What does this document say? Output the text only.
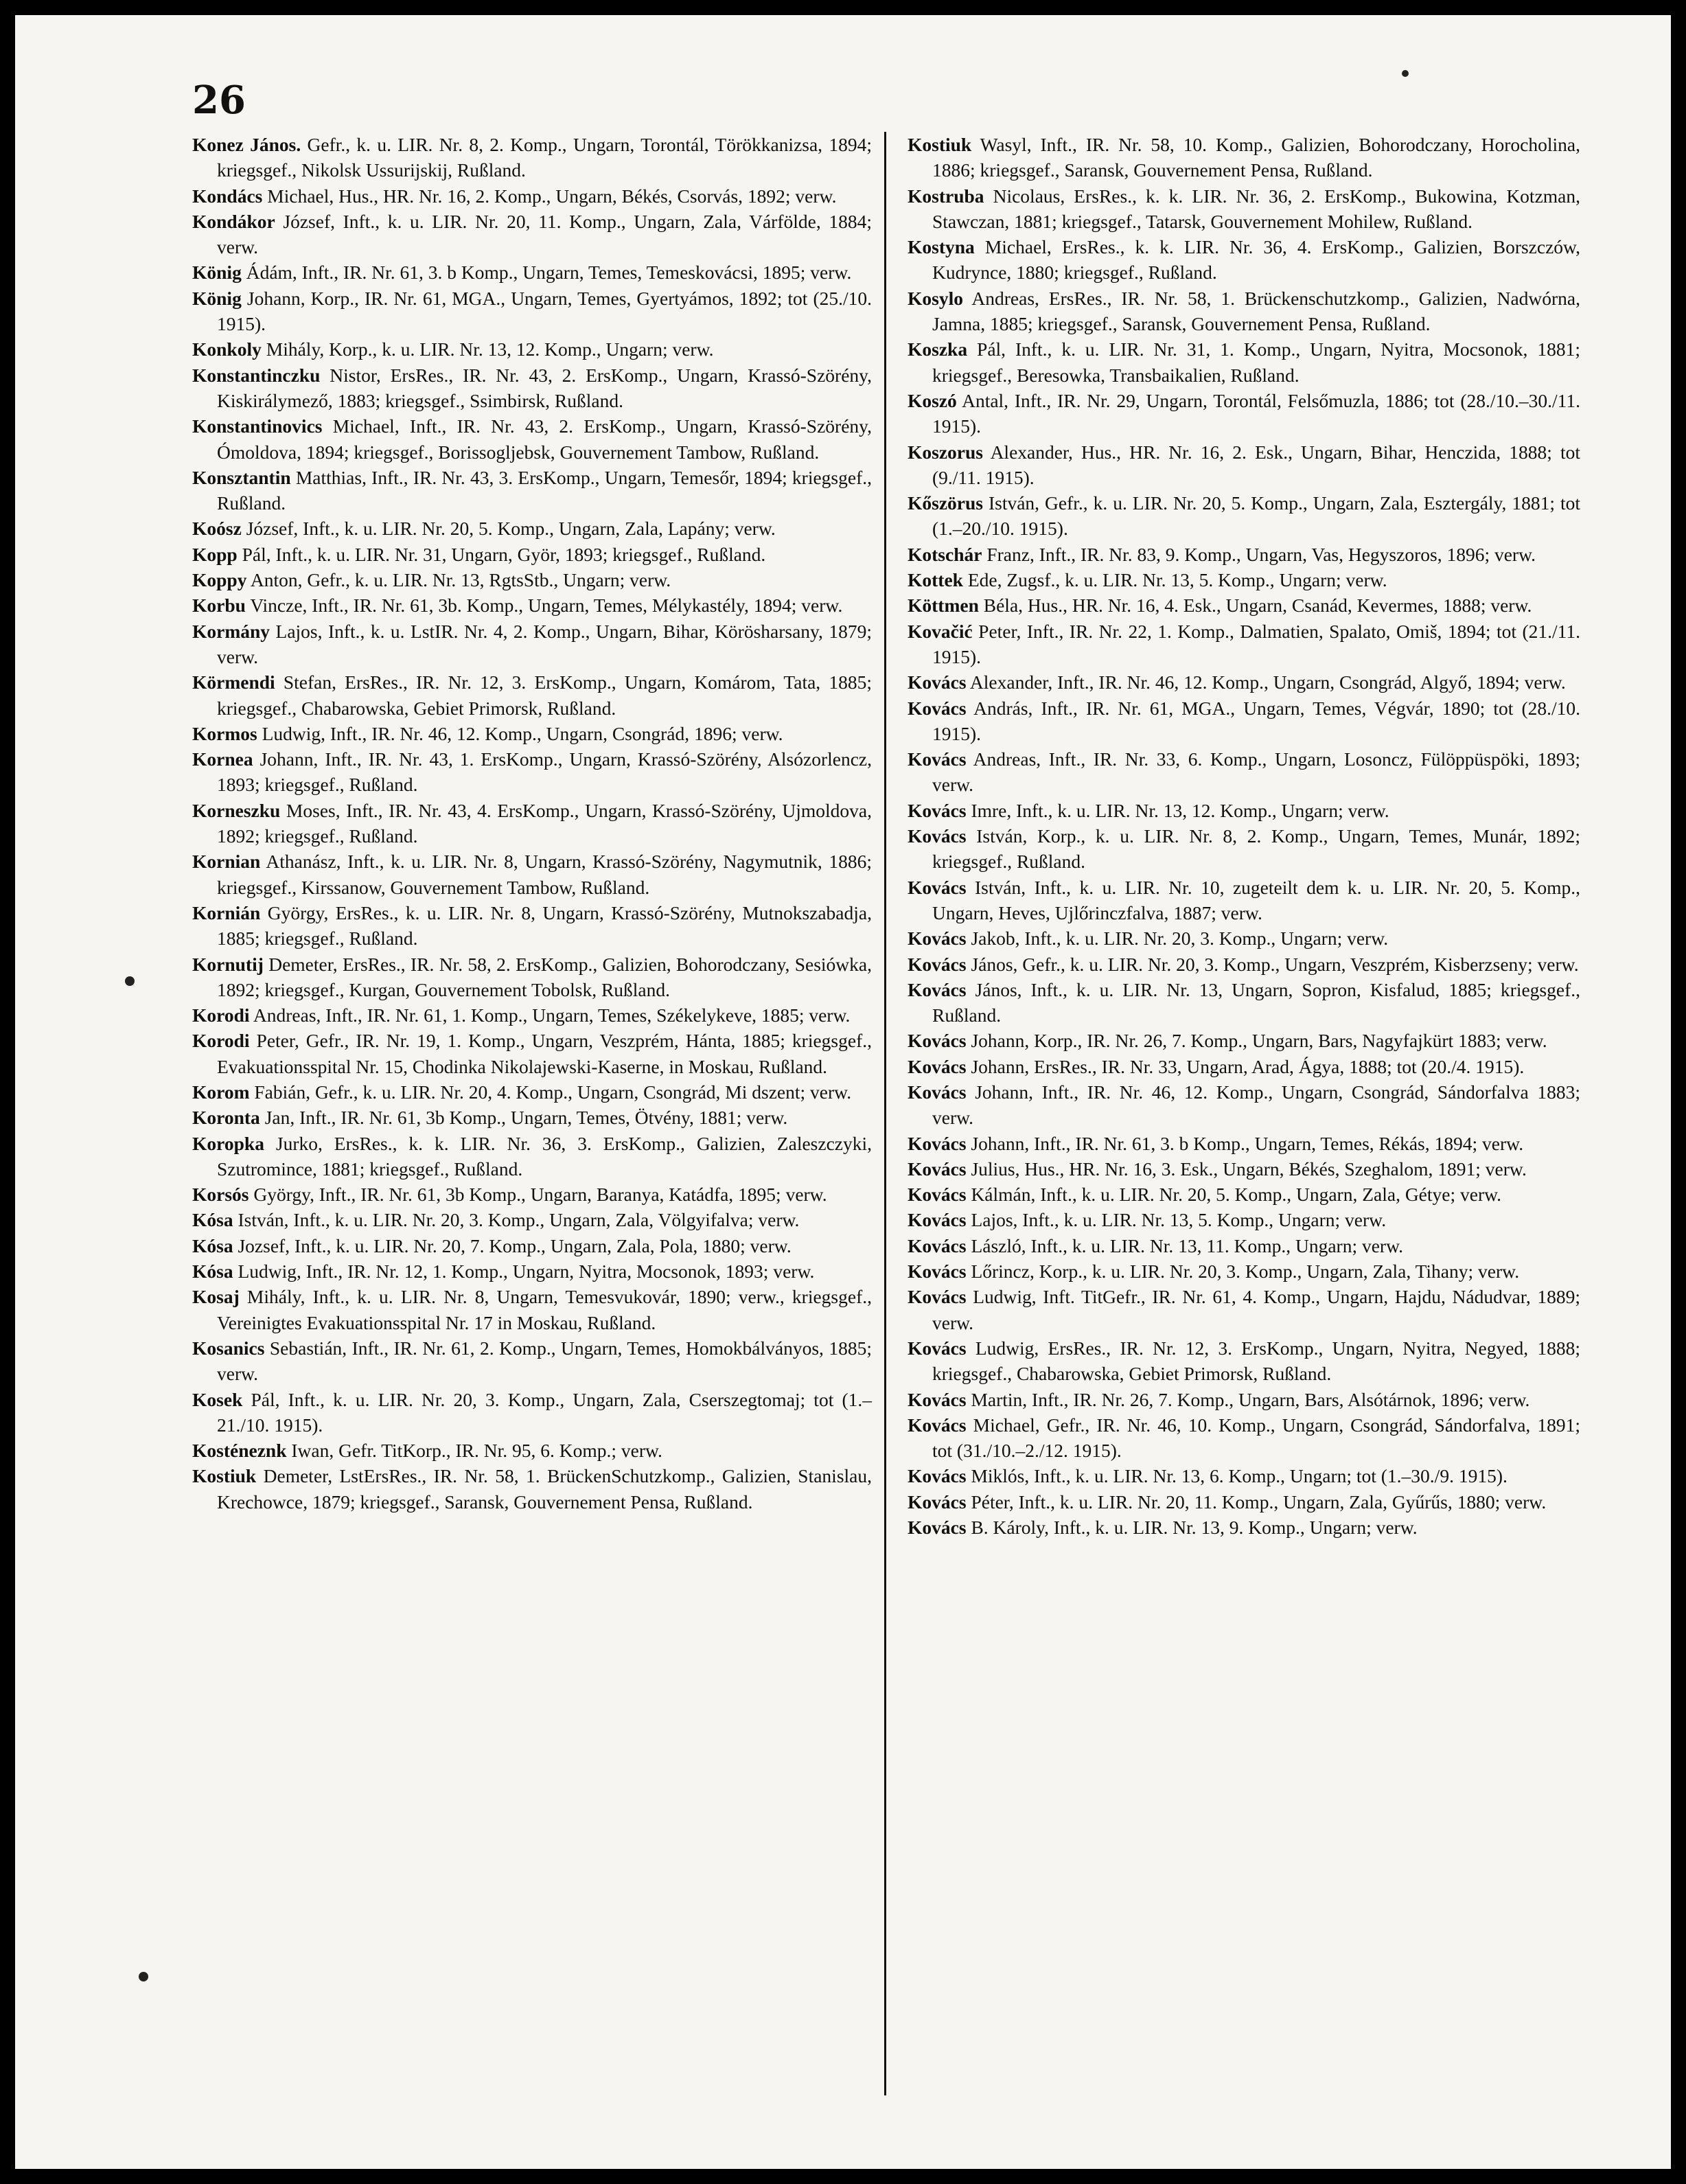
26

Konez János. Gefr., k. u. LIR. Nr. 8, 2. Komp., Ungarn, Torontál, Törökkanizsa, 1894; kriegsgef., Nikolsk Ussurijskij, Rußland.

Kondács Michael, Hus., HR. Nr. 16, 2. Komp., Ungarn, Békés, Csorvás, 1892; verw.

Kondákor József, Inft., k. u. LIR. Nr. 20, 11. Komp., Ungarn, Zala, Várfölde, 1884; verw.

König Ádám, Inft., IR. Nr. 61, 3. b Komp., Ungarn, Temes, Temeskovácsi, 1895; verw.

König Johann, Korp., IR. Nr. 61, MGA., Ungarn, Temes, Gyertyámos, 1892; tot (25./10. 1915).

Konkoly Mihály, Korp., k. u. LIR. Nr. 13, 12. Komp., Ungarn; verw.

Konstantinczku Nistor, ErsRes., IR. Nr. 43, 2. ErsKomp., Ungarn, Krassó-Szörény, Kiskirálymező, 1883; kriegsgef., Ssimbirsk, Rußland.

Konstantinovics Michael, Inft., IR. Nr. 43, 2. ErsKomp., Ungarn, Krassó-Szörény, Ómoldova, 1894; kriegsgef., Borissoglјebsk, Gouvernement Tambow, Rußland.

Konsztantin Matthias, Inft., IR. Nr. 43, 3. ErsKomp., Ungarn, Temesőr, 1894; kriegsgef., Rußland.

Koósz József, Inft., k. u. LIR. Nr. 20, 5. Komp., Ungarn, Zala, Lapány; verw.

Kopp Pál, Inft., k. u. LIR. Nr. 31, Ungarn, Györ, 1893; kriegsgef., Rußland.

Koppy Anton, Gefr., k. u. LIR. Nr. 13, RgtsStb., Ungarn; verw.

Korbu Vincze, Inft., IR. Nr. 61, 3b. Komp., Ungarn, Temes, Mélykastély, 1894; verw.

Kormány Lajos, Inft., k. u. LstIR. Nr. 4, 2. Komp., Ungarn, Bihar, Körösharsany, 1879; verw.

Körmendi Stefan, ErsRes., IR. Nr. 12, 3. ErsKomp., Ungarn, Komárom, Tata, 1885; kriegsgef., Chabarowska, Gebiet Primorsk, Rußland.

Kormos Ludwig, Inft., IR. Nr. 46, 12. Komp., Ungarn, Csongrád, 1896; verw.

Kornea Johann, Inft., IR. Nr. 43, 1. ErsKomp., Ungarn, Krassó-Szörény, Alsózorlencz, 1893; kriegsgef., Rußland.

Korneszku Moses, Inft., IR. Nr. 43, 4. ErsKomp., Ungarn, Krassó-Szörény, Ujmoldova, 1892; kriegsgef., Rußland.

Kornian Athanász, Inft., k. u. LIR. Nr. 8, Ungarn, Krassó-Szörény, Nagymutnik, 1886; kriegsgef., Kirssanow, Gouvernement Tambow, Rußland.

Kornián György, ErsRes., k. u. LIR. Nr. 8, Ungarn, Krassó-Szörény, Mutnokszabadja, 1885; kriegsgef., Rußland.

Kornutij Demeter, ErsRes., IR. Nr. 58, 2. ErsKomp., Galizien, Bohorodczany, Sesiówka, 1892; kriegsgef., Kurgan, Gouvernement Tobolsk, Rußland.

Korodi Andreas, Inft., IR. Nr. 61, 1. Komp., Ungarn, Temes, Székelykeve, 1885; verw.

Korodi Peter, Gefr., IR. Nr. 19, 1. Komp., Ungarn, Veszprém, Hánta, 1885; kriegsgef., Evakuationsspital Nr. 15, Chodinka Nikolajewski-Kaserne, in Moskau, Rußland.

Korom Fabián, Gefr., k. u. LIR. Nr. 20, 4. Komp., Ungarn, Csongrád, Mi dszent; verw.

Koronta Jan, Inft., IR. Nr. 61, 3b Komp., Ungarn, Temes, Ötvény, 1881; verw.

Koropka Jurko, ErsRes., k. k. LIR. Nr. 36, 3. ErsKomp., Galizien, Zaleszczyki, Szutromince, 1881; kriegsgef., Rußland.

Korsós György, Inft., IR. Nr. 61, 3b Komp., Ungarn, Baranya, Katádfa, 1895; verw.

Kósa István, Inft., k. u. LIR. Nr. 20, 3. Komp., Ungarn, Zala, Völgyifalva; verw.

Kósa Jozsef, Inft., k. u. LIR. Nr. 20, 7. Komp., Ungarn, Zala, Pola, 1880; verw.

Kósa Ludwig, Inft., IR. Nr. 12, 1. Komp., Ungarn, Nyitra, Mocsonok, 1893; verw.

Kosaj Mihály, Inft., k. u. LIR. Nr. 8, Ungarn, Temesvukovár, 1890; verw., kriegsgef., Vereinigtes Evakuationsspital Nr. 17 in Moskau, Rußland.

Kosanics Sebastián, Inft., IR. Nr. 61, 2. Komp., Ungarn, Temes, Homokbálványos, 1885; verw.

Kosek Pál, Inft., k. u. LIR. Nr. 20, 3. Komp., Ungarn, Zala, Cserszegtomaj; tot (1.–21./10. 1915).

Kosténeznk Iwan, Gefr. TitKorp., IR. Nr. 95, 6. Komp.; verw.

Kostiuk Demeter, LstErsRes., IR. Nr. 58, 1. BrückenSchutzkomp., Galizien, Stanislau, Krechowce, 1879; kriegsgef., Saransk, Gouvernement Pensa, Rußland.

Kostiuk Wasyl, Inft., IR. Nr. 58, 10. Komp., Galizien, Bohorodczany, Horocholina, 1886; kriegsgef., Saransk, Gouvernement Pensa, Rußland.

Kostruba Nicolaus, ErsRes., k. k. LIR. Nr. 36, 2. ErsKomp., Bukowina, Kotzman, Stawczan, 1881; kriegsgef., Tatarsk, Gouvernement Mohilew, Rußland.

Kostyna Michael, ErsRes., k. k. LIR. Nr. 36, 4. ErsKomp., Galizien, Borszczów, Kudrynce, 1880; kriegsgef., Rußland.

Kosylo Andreas, ErsRes., IR. Nr. 58, 1. Brückenschutzkomp., Galizien, Nadwórna, Jamna, 1885; kriegsgef., Saransk, Gouvernement Pensa, Rußland.

Koszka Pál, Inft., k. u. LIR. Nr. 31, 1. Komp., Ungarn, Nyitra, Mocsonok, 1881; kriegsgef., Beresowka, Transbaikalien, Rußland.

Koszó Antal, Inft., IR. Nr. 29, Ungarn, Torontál, Felsőmuzla, 1886; tot (28./10.–30./11. 1915).

Koszorus Alexander, Hus., HR. Nr. 16, 2. Esk., Ungarn, Bihar, Henczida, 1888; tot (9./11. 1915).

Kőszörus István, Gefr., k. u. LIR. Nr. 20, 5. Komp., Ungarn, Zala, Esztergály, 1881; tot (1.–20./10. 1915).

Kotschár Franz, Inft., IR. Nr. 83, 9. Komp., Ungarn, Vas, Hegyszoros, 1896; verw.

Kottek Ede, Zugsf., k. u. LIR. Nr. 13, 5. Komp., Ungarn; verw.

Köttmen Béla, Hus., HR. Nr. 16, 4. Esk., Ungarn, Csanád, Kevermes, 1888; verw.

Kovačić Peter, Inft., IR. Nr. 22, 1. Komp., Dalmatien, Spalato, Omiš, 1894; tot (21./11. 1915).

Kovács Alexander, Inft., IR. Nr. 46, 12. Komp., Ungarn, Csongrád, Algyő, 1894; verw.

Kovács András, Inft., IR. Nr. 61, MGA., Ungarn, Temes, Végvár, 1890; tot (28./10. 1915).

Kovács Andreas, Inft., IR. Nr. 33, 6. Komp., Ungarn, Losoncz, Fülöppüspöki, 1893; verw.

Kovács Imre, Inft., k. u. LIR. Nr. 13, 12. Komp., Ungarn; verw.

Kovács István, Korp., k. u. LIR. Nr. 8, 2. Komp., Ungarn, Temes, Munár, 1892; kriegsgef., Rußland.

Kovács István, Inft., k. u. LIR. Nr. 10, zugeteilt dem k. u. LIR. Nr. 20, 5. Komp., Ungarn, Heves, Ujlőrinczfalva, 1887; verw.

Kovács Jakob, Inft., k. u. LIR. Nr. 20, 3. Komp., Ungarn; verw.

Kovács János, Gefr., k. u. LIR. Nr. 20, 3. Komp., Ungarn, Veszprém, Kisberzseny; verw.

Kovács János, Inft., k. u. LIR. Nr. 13, Ungarn, Sopron, Kisfalud, 1885; kriegsgef., Rußland.

Kovács Johann, Korp., IR. Nr. 26, 7. Komp., Ungarn, Bars, Nagyfajkürt 1883; verw.

Kovács Johann, ErsRes., IR. Nr. 33, Ungarn, Arad, Ágya, 1888; tot (20./4. 1915).

Kovács Johann, Inft., IR. Nr. 46, 12. Komp., Ungarn, Csongrád, Sándorfalva 1883; verw.

Kovács Johann, Inft., IR. Nr. 61, 3. b Komp., Ungarn, Temes, Rékás, 1894; verw.

Kovács Julius, Hus., HR. Nr. 16, 3. Esk., Ungarn, Békés, Szeghalom, 1891; verw.

Kovács Kálmán, Inft., k. u. LIR. Nr. 20, 5. Komp., Ungarn, Zala, Gétye; verw.

Kovács Lajos, Inft., k. u. LIR. Nr. 13, 5. Komp., Ungarn; verw.

Kovács László, Inft., k. u. LIR. Nr. 13, 11. Komp., Ungarn; verw.

Kovács Lőrincz, Korp., k. u. LIR. Nr. 20, 3. Komp., Ungarn, Zala, Tihany; verw.

Kovács Ludwig, Inft. TitGefr., IR. Nr. 61, 4. Komp., Ungarn, Hajdu, Nádudvar, 1889; verw.

Kovács Ludwig, ErsRes., IR. Nr. 12, 3. ErsKomp., Ungarn, Nyitra, Negyed, 1888; kriegsgef., Chabarowska, Gebiet Primorsk, Rußland.

Kovács Martin, Inft., IR. Nr. 26, 7. Komp., Ungarn, Bars, Alsótárnok, 1896; verw.

Kovács Michael, Gefr., IR. Nr. 46, 10. Komp., Ungarn, Csongrád, Sándorfalva, 1891; tot (31./10.–2./12. 1915).

Kovács Miklós, Inft., k. u. LIR. Nr. 13, 6. Komp., Ungarn; tot (1.–30./9. 1915).

Kovács Péter, Inft., k. u. LIR. Nr. 20, 11. Komp., Ungarn, Zala, Gyűrűs, 1880; verw.

Kovács B. Károly, Inft., k. u. LIR. Nr. 13, 9. Komp., Ungarn; verw.
